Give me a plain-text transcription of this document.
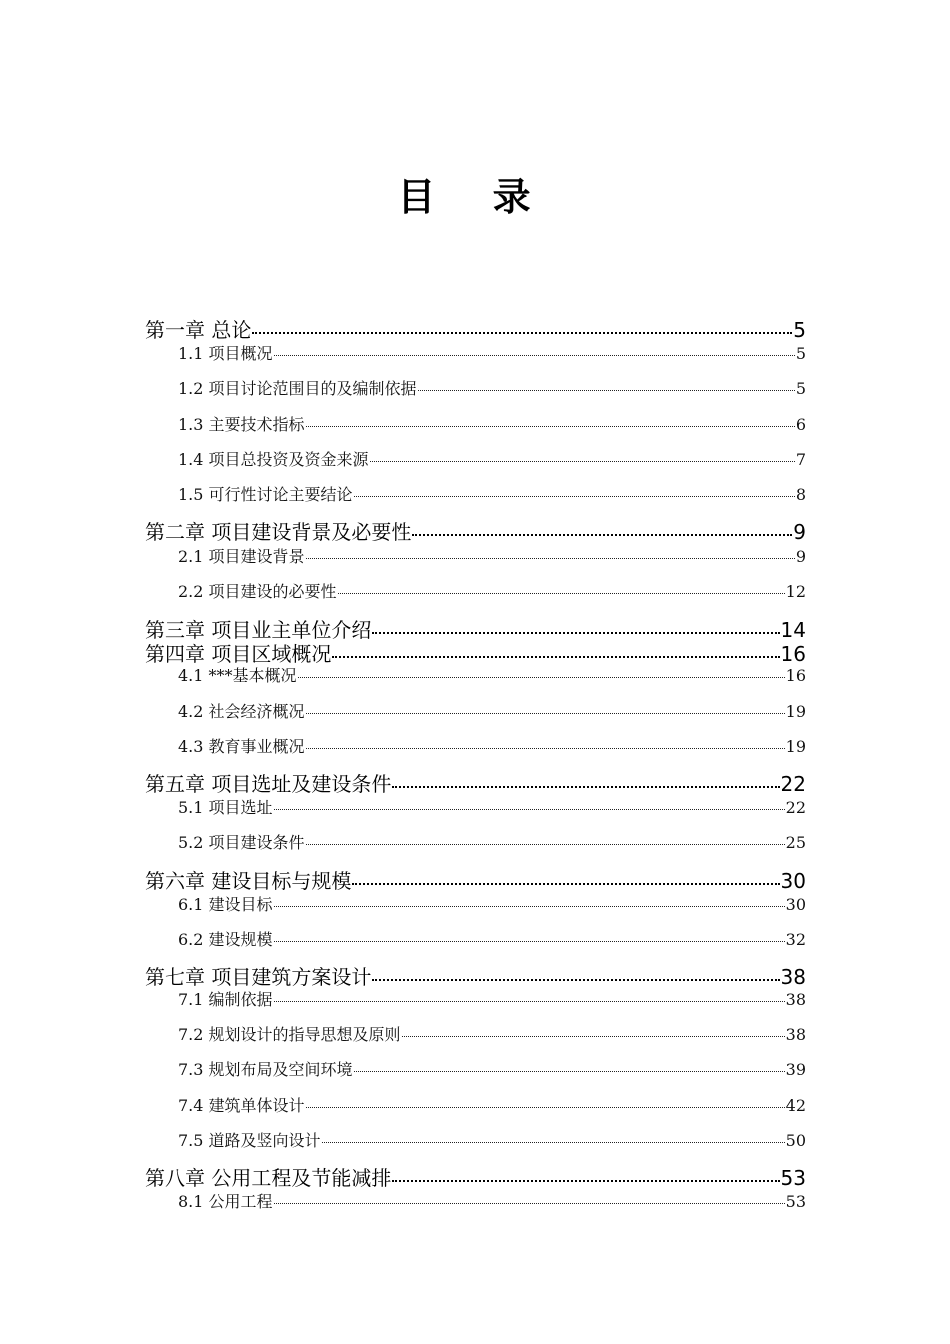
目 录
第一章 总论	5
1.1 项目概况	5
1.2 项目讨论范围目的及编制依据	5
1.3 主要技术指标	6
1.4 项目总投资及资金来源	7
1.5 可行性讨论主要结论	8
第二章 项目建设背景及必要性	9
2.1 项目建设背景	9
2.2 项目建设的必要性	12
第三章 项目业主单位介绍	14
第四章 项目区域概况	16
4.1 ***基本概况	16
4.2 社会经济概况	19
4.3 教育事业概况	19
第五章 项目选址及建设条件	22
5.1 项目选址	22
5.2 项目建设条件	25
第六章 建设目标与规模	30
6.1 建设目标	30
6.2 建设规模	32
第七章 项目建筑方案设计	38
7.1 编制依据	38
7.2 规划设计的指导思想及原则	38
7.3 规划布局及空间环境	39
7.4 建筑单体设计	42
7.5 道路及竖向设计	50
第八章 公用工程及节能减排	53
8.1 公用工程	53
